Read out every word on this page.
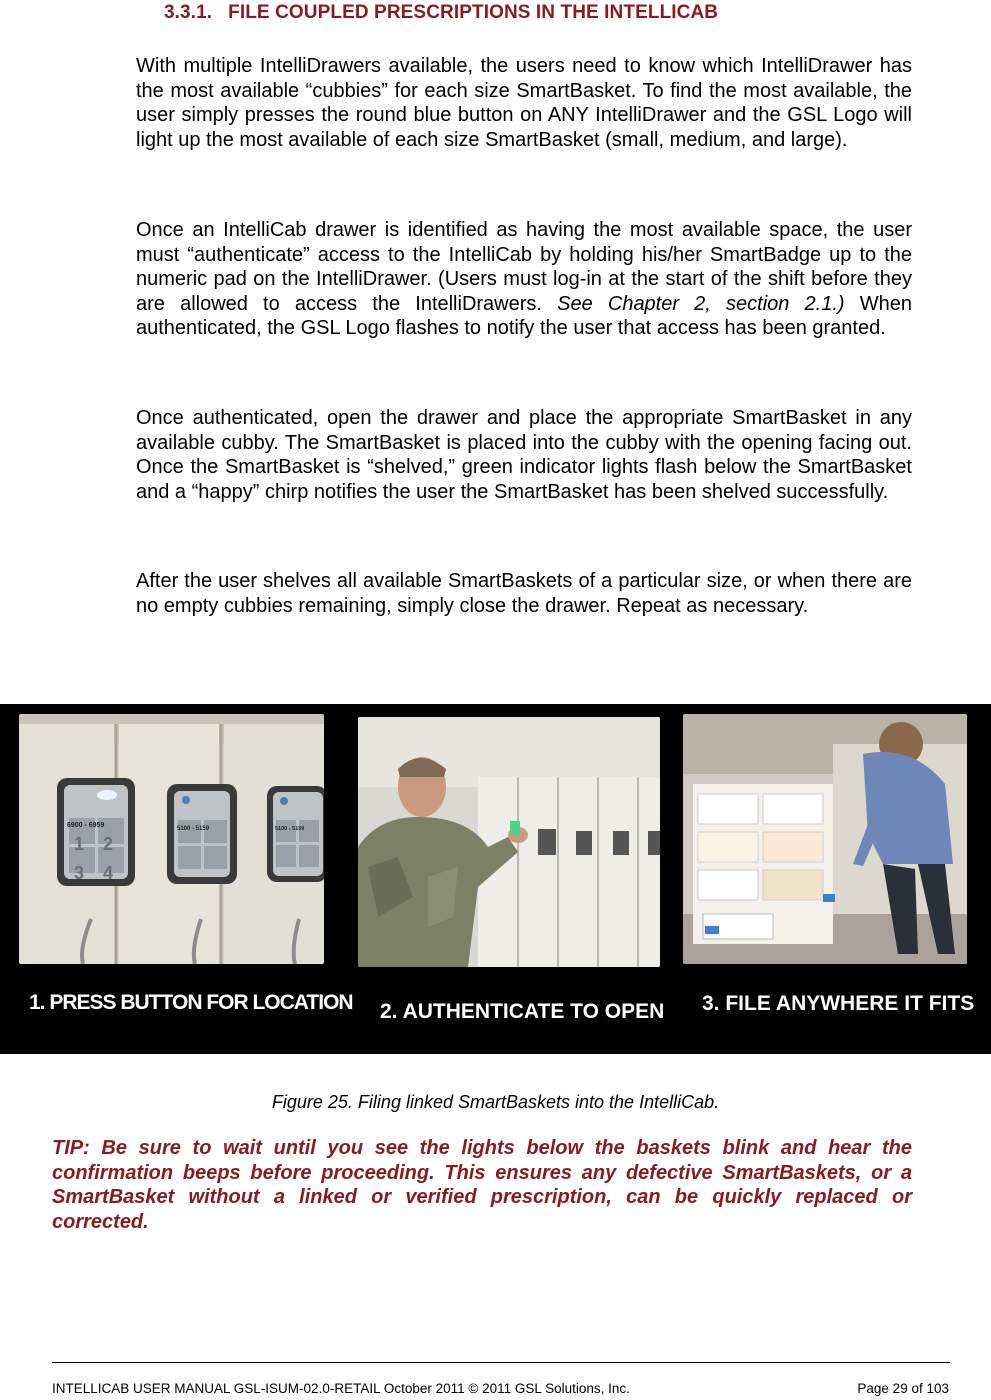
3.3.1. FILE COUPLED PRESCRIPTIONS IN THE INTELLICAB

With multiple IntelliDrawers available, the users need to know which IntelliDrawer has the most available “cubbies” for each size SmartBasket. To find the most available, the user simply presses the round blue button on ANY IntelliDrawer and the GSL Logo will light up the most available of each size SmartBasket (small, medium, and large).

Once an IntelliCab drawer is identified as having the most available space, the user must “authenticate” access to the IntelliCab by holding his/her SmartBadge up to the numeric pad on the IntelliDrawer. (Users must log-in at the start of the shift before they are allowed to access the IntelliDrawers. See Chapter 2, section 2.1.) When authenticated, the GSL Logo flashes to notify the user that access has been granted.

Once authenticated, open the drawer and place the appropriate SmartBasket in any available cubby. The SmartBasket is placed into the cubby with the opening facing out. Once the SmartBasket is “shelved,” green indicator lights flash below the SmartBasket and a “happy” chirp notifies the user the SmartBasket has been shelved successfully.

After the user shelves all available SmartBaskets of a particular size, or when there are no empty cubbies remaining, simply close the drawer. Repeat as necessary.

6900 - 6959	5100 - 5159	5100 - 5159
1 2
3 4
1. PRESS BUTTON FOR LOCATION 2. AUTHENTICATE TO OPEN 3. FILE ANYWHERE IT FITS

Figure 25. Filing linked SmartBaskets into the IntelliCab.

TIP: Be sure to wait until you see the lights below the baskets blink and hear the confirmation beeps before proceeding. This ensures any defective SmartBaskets, or a SmartBasket without a linked or verified prescription, can be quickly replaced or corrected.

INTELLICAB USER MANUAL GSL-ISUM-02.0-RETAIL October 2011 © 2011 GSL Solutions, Inc.	Page 29 of 103
